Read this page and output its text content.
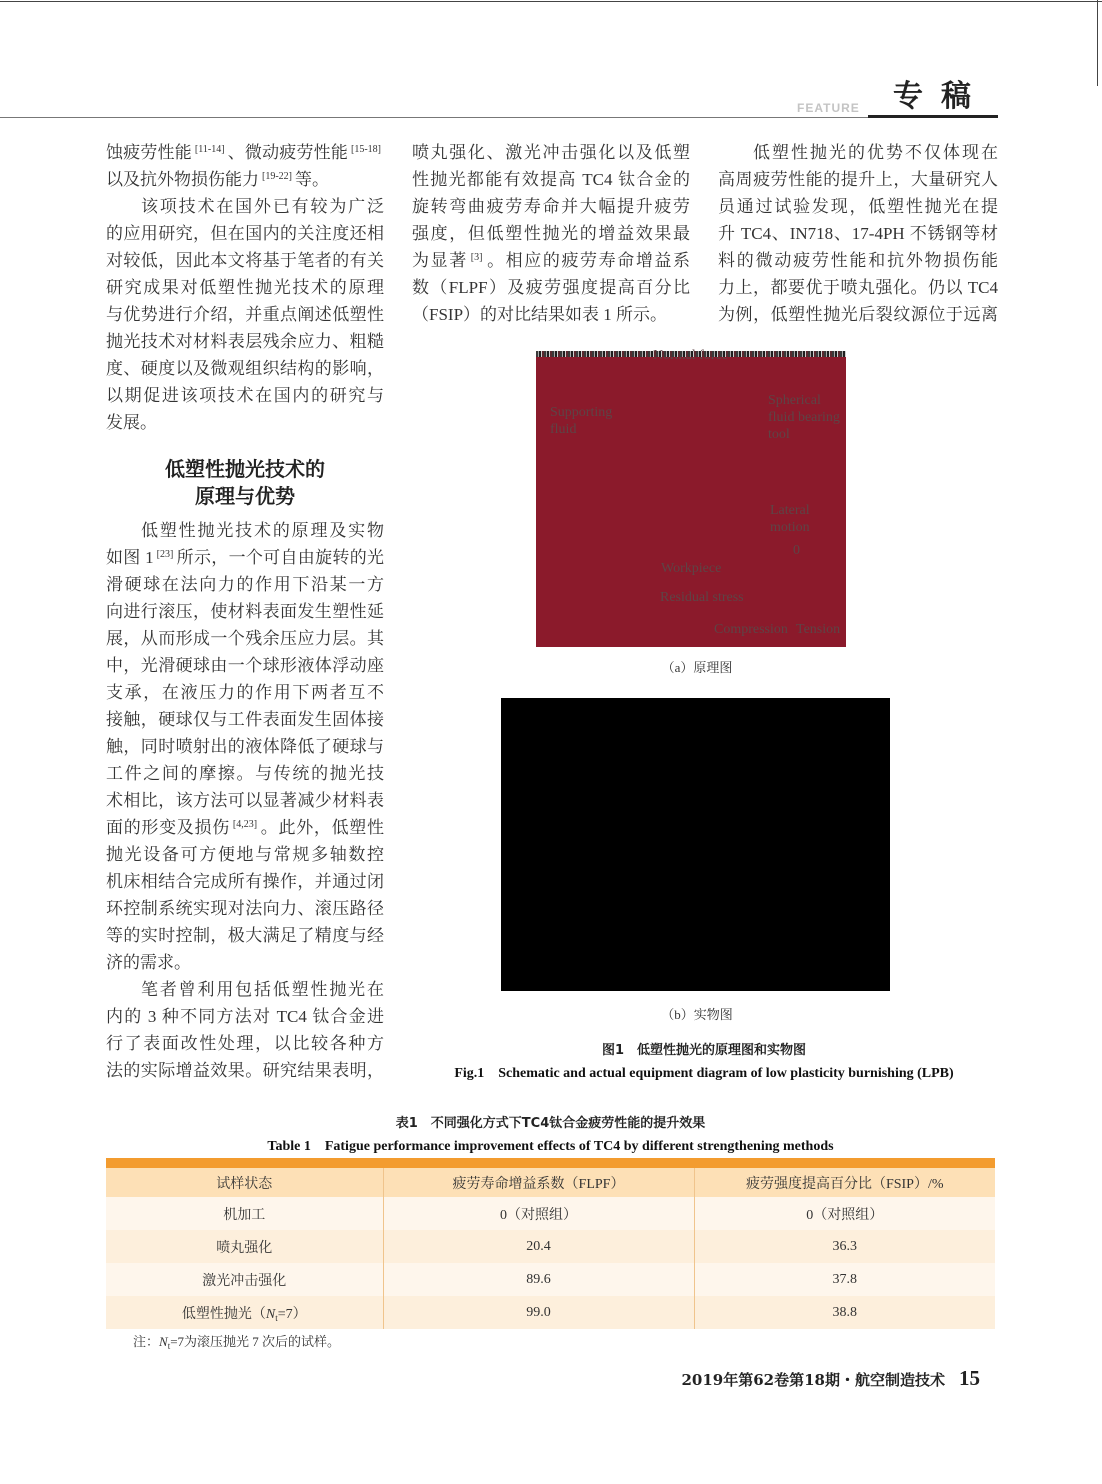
FEATURE 专稿
蚀疲劳性能 [11-14] 、微动疲劳性能 [15-18]
以及抗外物损伤能力 [19-22] 等。
该项技术在国外已有较为广泛
的应用研究，但在国内的关注度还相
对较低，因此本文将基于笔者的有关
研究成果对低塑性抛光技术的原理
与优势进行介绍，并重点阐述低塑性
抛光技术对材料表层残余应力、粗糙
度、硬度以及微观组织结构的影响，
以期促进该项技术在国内的研究与
发展。
低塑性抛光技术的
原理与优势
低塑性抛光技术的原理及实物
如图 1 [23] 所示，一个可自由旋转的光
滑硬球在法向力的作用下沿某一方
向进行滚压，使材料表面发生塑性延
展，从而形成一个残余压应力层。其
中，光滑硬球由一个球形液体浮动座
支承，在液压力的作用下两者互不
接触，硬球仅与工件表面发生固体接
触，同时喷射出的液体降低了硬球与
工件之间的摩擦。与传统的抛光技
术相比，该方法可以显著减少材料表
面的形变及损伤 [4,23] 。此外，低塑性
抛光设备可方便地与常规多轴数控
机床相结合完成所有操作，并通过闭
环控制系统实现对法向力、滚压路径
等的实时控制，极大满足了精度与经
济的需求。
笔者曾利用包括低塑性抛光在
内的 3 种不同方法对 TC4 钛合金进
行了表面改性处理，以比较各种方
法的实际增益效果。研究结果表明，
喷丸强化、激光冲击强化以及低塑
性抛光都能有效提高 TC4 钛合金的
旋转弯曲疲劳寿命并大幅提升疲劳
强度，但低塑性抛光的增益效果最
为显著 [3] 。相应的疲劳寿命增益系
数（FLPF）及疲劳强度提高百分比
（FSIP）的对比结果如表 1 所示。
低塑性抛光的优势不仅体现在
高周疲劳性能的提升上，大量研究人
员通过试验发现，低塑性抛光在提
升 TC4、IN718、17-4PH 不锈钢等材
料的微动疲劳性能和抗外物损伤能
力上，都要优于喷丸强化。仍以 TC4
为例，低塑性抛光后裂纹源位于远离
Supporting
fluid
Spherical
fluid bearing
tool
Lateral
motion
0
Workpiece
Residual stress
Compression Tension
（a）原理图
（b）实物图
图1　低塑性抛光的原理图和实物图
Fig.1　Schematic and actual equipment diagram of low plasticity burnishing (LPB)
表1　不同强化方式下TC4钛合金疲劳性能的提升效果
Table 1　Fatigue performance improvement effects of TC4 by different strengthening methods
试样状态	疲劳寿命增益系数（FLPF）	疲劳强度提高百分比（FSIP）/%
机加工	0（对照组）	0（对照组）
喷丸强化	20.4	36.3
激光冲击强化	89.6	37.8
低塑性抛光$(N_t=7)$	99.0	38.8
注：$N_t=7$为滚压抛光 7 次后的试样。
2019年第62卷第18期・航空制造技术 15
